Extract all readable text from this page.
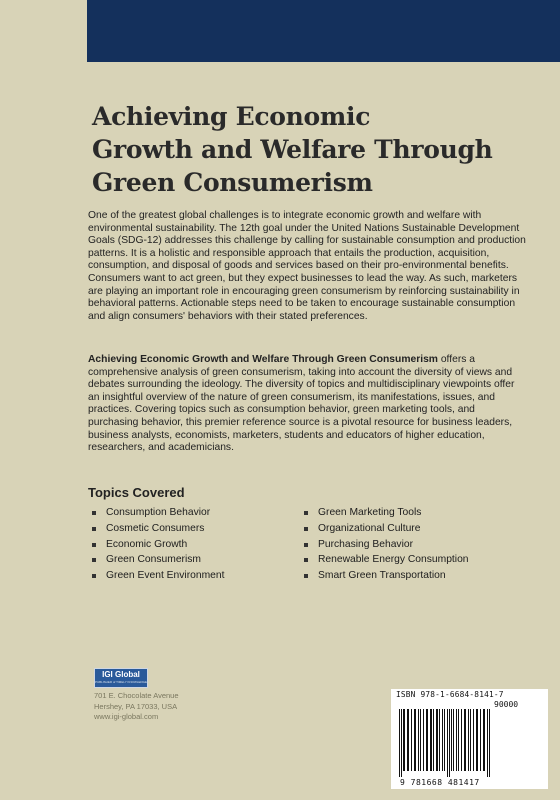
Achieving Economic
Growth and Welfare Through
Green Consumerism

One of the greatest global challenges is to integrate economic growth and welfare with environmental sustainability. The 12th goal under the United Nations Sustainable Development Goals (SDG-12) addresses this challenge by calling for sustainable consumption and production patterns. It is a holistic and responsible approach that entails the production, acquisition, consumption, and disposal of goods and services based on their pro-environmental benefits. Consumers want to act green, but they expect businesses to lead the way. As such, marketers are playing an important role in encouraging green consumerism by reinforcing sustainability in behavioral patterns. Actionable steps need to be taken to encourage sustainable consumption and align consumers' behaviors with their stated preferences.

Achieving Economic Growth and Welfare Through Green Consumerism offers a comprehensive analysis of green consumerism, taking into account the diversity of views and debates surrounding the ideology. The diversity of topics and multidisciplinary viewpoints offer an insightful overview of the nature of green consumerism, its manifestations, issues, and practices. Covering topics such as consumption behavior, green marketing tools, and purchasing behavior, this premier reference source is a pivotal resource for business leaders, business analysts, economists, marketers, students and educators of higher education, researchers, and academicians.

Topics Covered
Consumption Behavior
Cosmetic Consumers
Economic Growth
Green Consumerism
Green Event Environment
Green Marketing Tools
Organizational Culture
Purchasing Behavior
Renewable Energy Consumption
Smart Green Transportation
IGI Global
PUBLISHER of TIMELY KNOWLEDGE

701 E. Chocolate Avenue
Hershey, PA 17033, USA
www.igi-global.com

ISBN 978-1-6684-8141-7

90000

9 781668 481417
